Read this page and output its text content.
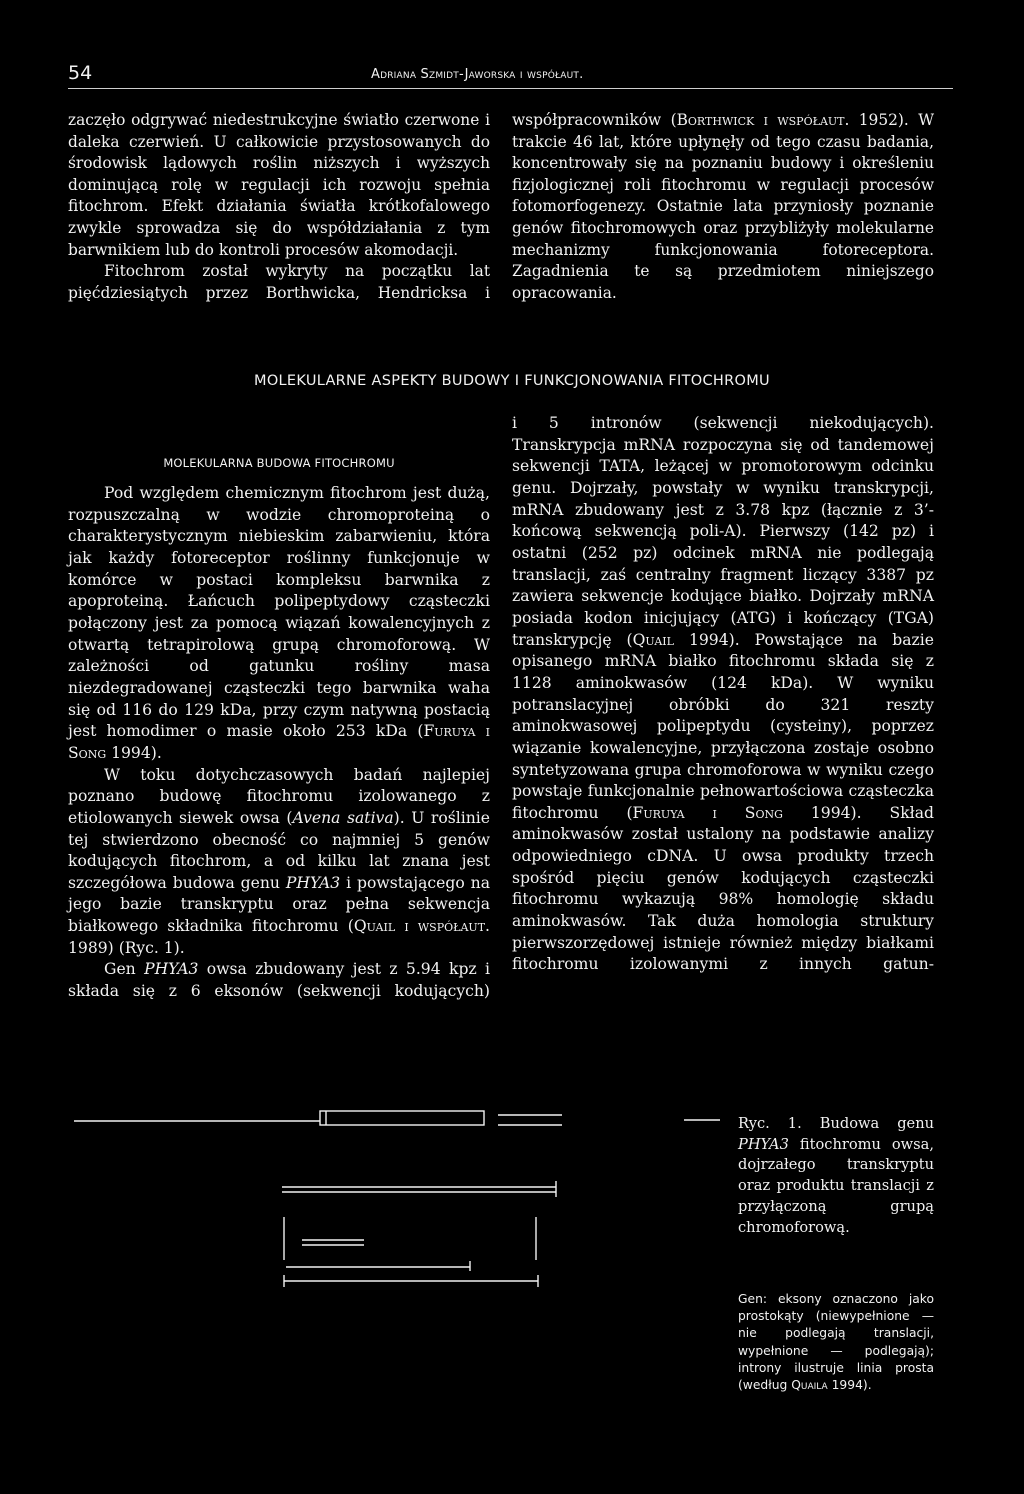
54	Adriana Szmidt-Jaworska i współaut.

zaczęło odgrywać niedestrukcyjne światło czerwone i daleka czerwień. U całkowicie przystosowanych do środowisk lądowych roślin niższych i wyższych dominującą rolę w regulacji ich rozwoju spełnia fitochrom. Efekt działania światła krótkofalowego zwykle sprowadza się do współdziałania z tym barwnikiem lub do kontroli procesów akomodacji.

Fitochrom został wykryty na początku lat pięćdziesiątych przez Borthwicka, Hendricksa i

współpracowników (Borthwick i współaut. 1952). W trakcie 46 lat, które upłynęły od tego czasu badania, koncentrowały się na poznaniu budowy i określeniu fizjologicznej roli fitochromu w regulacji procesów fotomorfogenezy. Ostatnie lata przyniosły poznanie genów fitochromowych oraz przybliżyły molekularne mechanizmy funkcjonowania fotoreceptora. Zagadnienia te są przedmiotem niniejszego opracowania.

MOLEKULARNE ASPEKTY BUDOWY I FUNKCJONOWANIA FITOCHROMU
MOLEKULARNA BUDOWA FITOCHROMU

Pod względem chemicznym fitochrom jest dużą, rozpuszczalną w wodzie chromoproteiną o charakterystycznym niebieskim zabarwieniu, która jak każdy fotoreceptor roślinny funkcjonuje w komórce w postaci kompleksu barwnika z apoproteiną. Łańcuch polipeptydowy cząsteczki połączony jest za pomocą wiązań kowalencyjnych z otwartą tetrapirolową grupą chromoforową. W zależności od gatunku rośliny masa niezdegradowanej cząsteczki tego barwnika waha się od 116 do 129 kDa, przy czym natywną postacią jest homodimer o masie około 253 kDa (Furuya i Song 1994).

W toku dotychczasowych badań najlepiej poznano budowę fitochromu izolowanego z etiolowanych siewek owsa (Avena sativa). U roślinie tej stwierdzono obecność co najmniej 5 genów kodujących fitochrom, a od kilku lat znana jest szczegółowa budowa genu PHYA3 i powstającego na jego bazie transkryptu oraz pełna sekwencja białkowego składnika fitochromu (Quail i współaut. 1989) (Ryc. 1).

Gen PHYA3 owsa zbudowany jest z 5.94 kpz i składa się z 6 eksonów (sekwencji kodujących)

i 5 intronów (sekwencji niekodujących). Transkrypcja mRNA rozpoczyna się od tandemowej sekwencji TATA, leżącej w promotorowym odcinku genu. Dojrzały, powstały w wyniku transkrypcji, mRNA zbudowany jest z 3.78 kpz (łącznie z 3’-końcową sekwencją poli-A). Pierwszy (142 pz) i ostatni (252 pz) odcinek mRNA nie podlegają translacji, zaś centralny fragment liczący 3387 pz zawiera sekwencje kodujące białko. Dojrzały mRNA posiada kodon inicjujący (ATG) i kończący (TGA) transkrypcję (Quail 1994). Powstające na bazie opisanego mRNA białko fitochromu składa się z 1128 aminokwasów (124 kDa). W wyniku potranslacyjnej obróbki do 321 reszty aminokwasowej polipeptydu (cysteiny), poprzez wiązanie kowalencyjne, przyłączona zostaje osobno syntetyzowana grupa chromoforowa w wyniku czego powstaje funkcjonalnie pełnowartościowa cząsteczka fitochromu (Furuya i Song 1994). Skład aminokwasów został ustalony na podstawie analizy odpowiedniego cDNA. U owsa produkty trzech spośród pięciu genów kodujących cząsteczki fitochromu wykazują 98% homologię składu aminokwasów. Tak duża homologia struktury pierwszorzędowej istnieje również między białkami fitochromu izolowanymi z innych gatun-

Ryc. 1. Budowa genu PHYA3 fitochromu owsa, dojrzałego transkryptu oraz produktu translacji z przyłączoną grupą chromoforową.
Gen: eksony oznaczono jako prostokąty (niewypełnione — nie podlegają translacji, wypełnione — podlegają); introny ilustruje linia prosta (według Quaila 1994).
